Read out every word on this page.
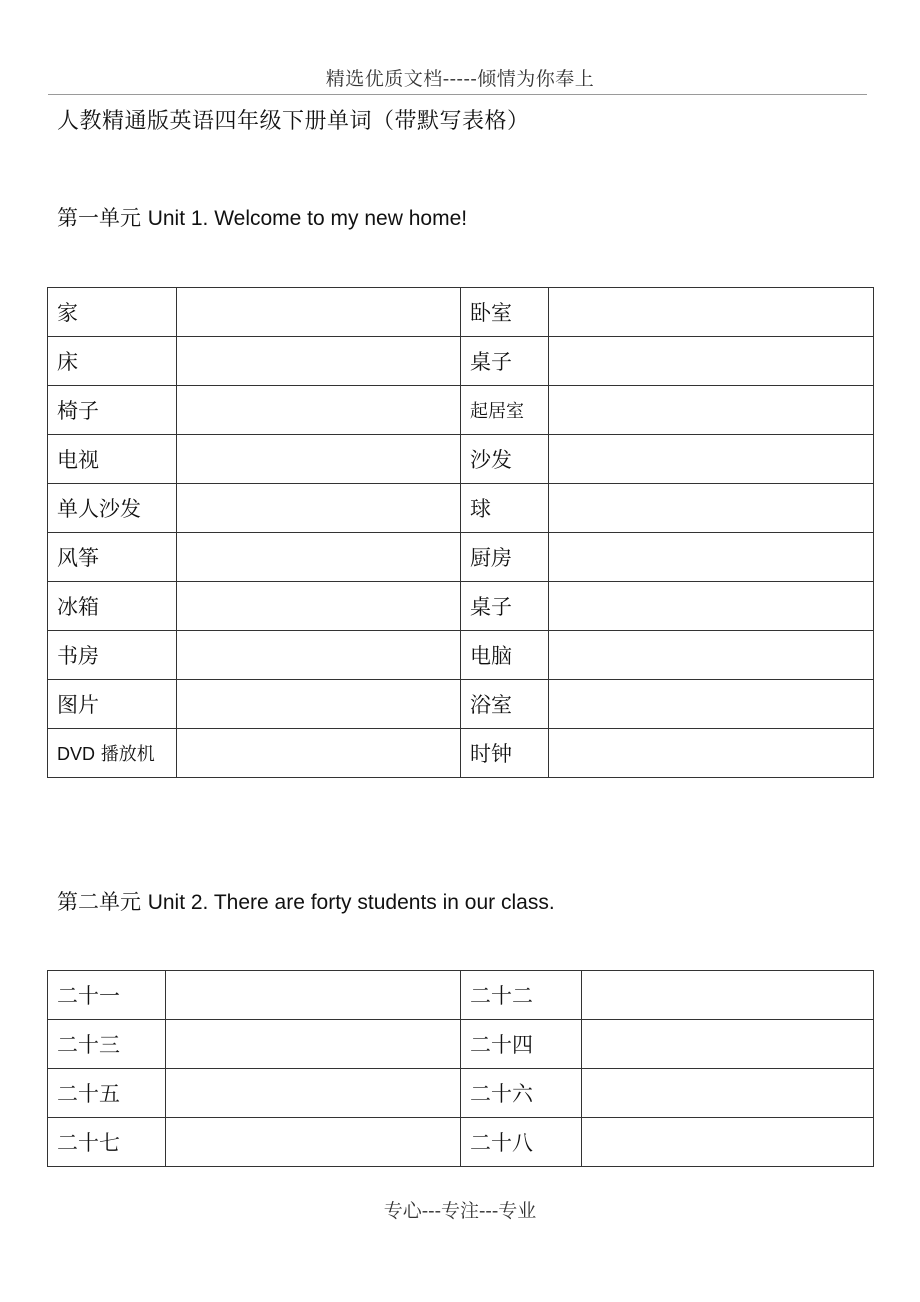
精选优质文档-----倾情为你奉上
人教精通版英语四年级下册单词（带默写表格）
第一单元 Unit 1. Welcome to my new home!
家		卧室	
床		桌子	
椅子		起居室	
电视		沙发	
单人沙发		球	
风筝		厨房	
冰箱		桌子	
书房		电脑	
图片		浴室	
DVD 播放机		时钟	
第二单元 Unit 2. There are forty students in our class.
二十一		二十二	
二十三		二十四	
二十五		二十六	
二十七		二十八	
专心---专注---专业
